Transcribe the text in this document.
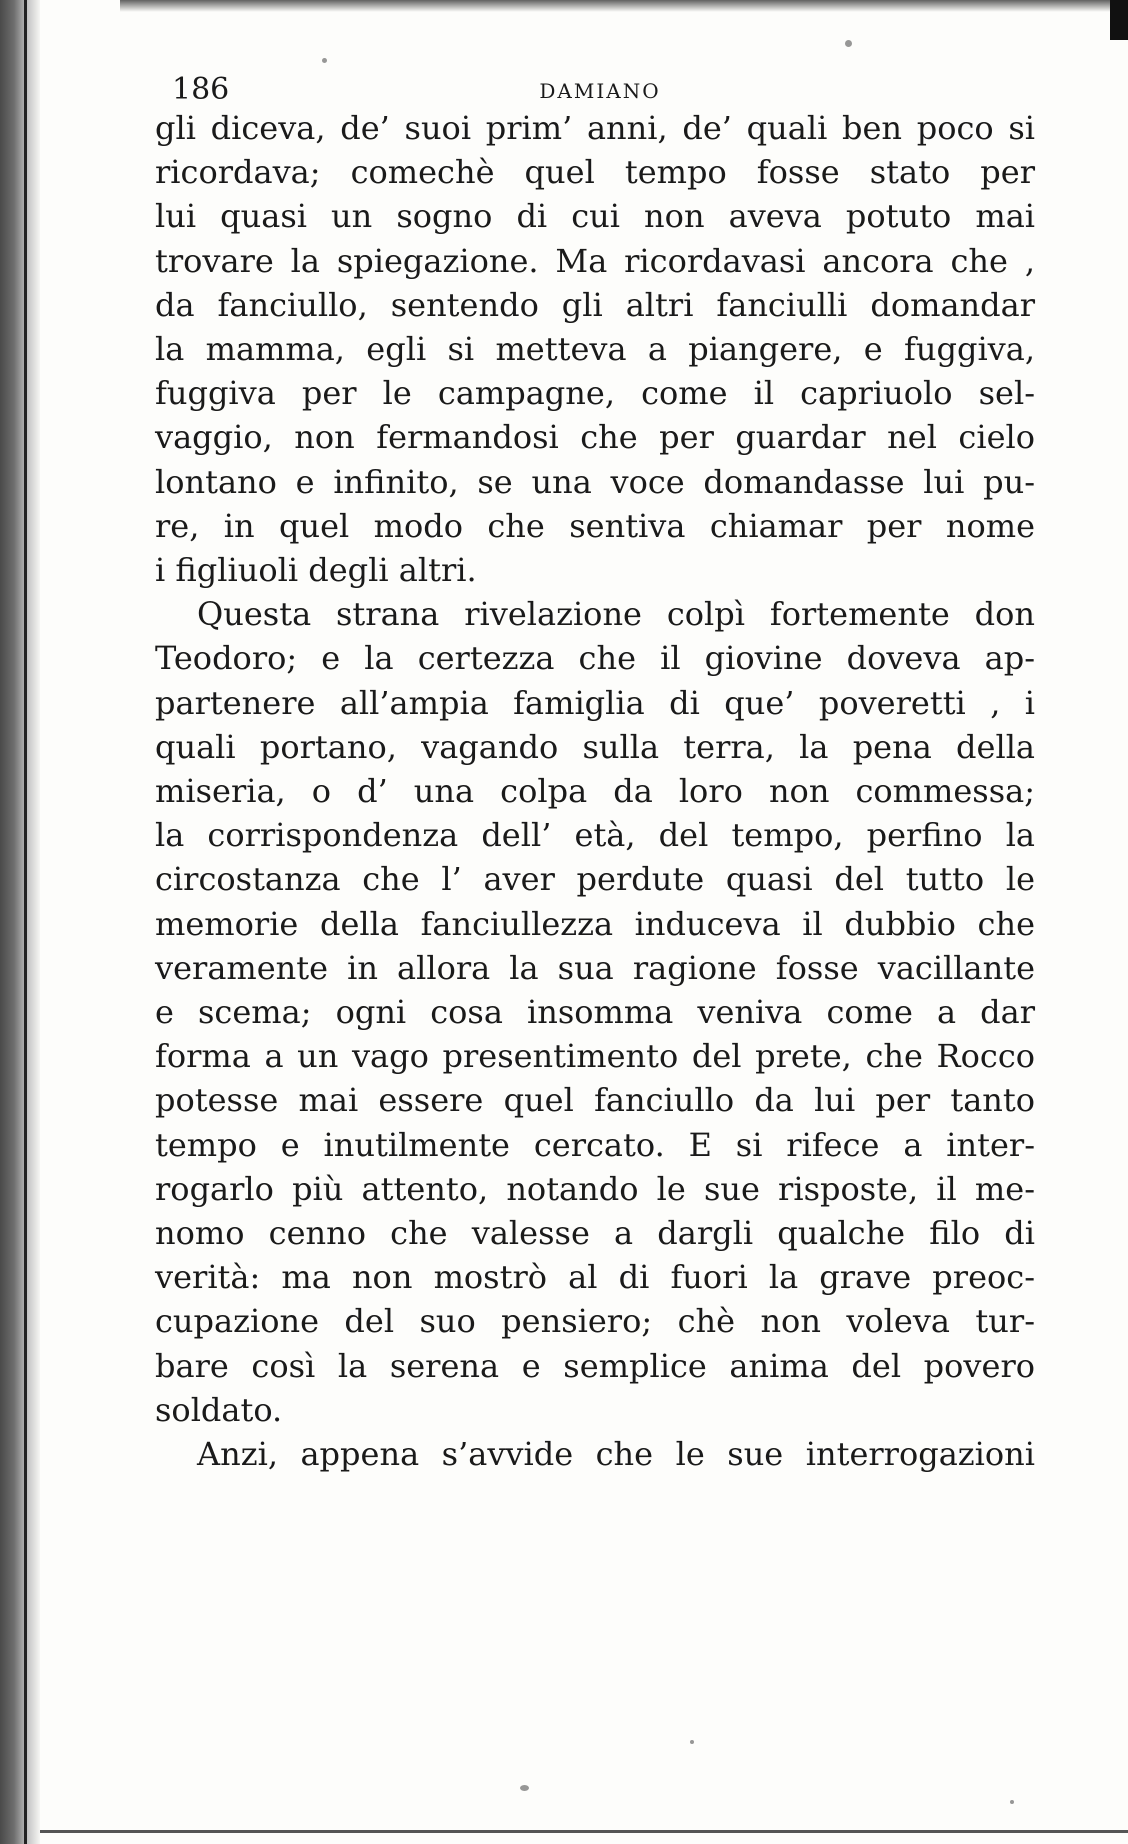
186	DAMIANO
gli diceva, de’ suoi prim’ anni, de’ quali ben poco si
ricordava; comechè quel tempo fosse stato per
lui quasi un sogno di cui non aveva potuto mai
trovare la spiegazione. Ma ricordavasi ancora che ,
da fanciullo, sentendo gli altri fanciulli domandar
la mamma, egli si metteva a piangere, e fuggiva,
fuggiva per le campagne, come il capriuolo sel-
vaggio, non fermandosi che per guardar nel cielo
lontano e infinito, se una voce domandasse lui pu-
re, in quel modo che sentiva chiamar per nome
i figliuoli degli altri.
Questa strana rivelazione colpì fortemente don
Teodoro; e la certezza che il giovine doveva ap-
partenere all’ampia famiglia di que’ poveretti , i
quali portano, vagando sulla terra, la pena della
miseria, o d’ una colpa da loro non commessa;
la corrispondenza dell’ età, del tempo, perfino la
circostanza che l’ aver perdute quasi del tutto le
memorie della fanciullezza induceva il dubbio che
veramente in allora la sua ragione fosse vacillante
e scema; ogni cosa insomma veniva come a dar
forma a un vago presentimento del prete, che Rocco
potesse mai essere quel fanciullo da lui per tanto
tempo e inutilmente cercato. E si rifece a inter-
rogarlo più attento, notando le sue risposte, il me-
nomo cenno che valesse a dargli qualche filo di
verità: ma non mostrò al di fuori la grave preoc-
cupazione del suo pensiero; chè non voleva tur-
bare così la serena e semplice anima del povero
soldato.
Anzi, appena s’avvide che le sue interrogazioni
